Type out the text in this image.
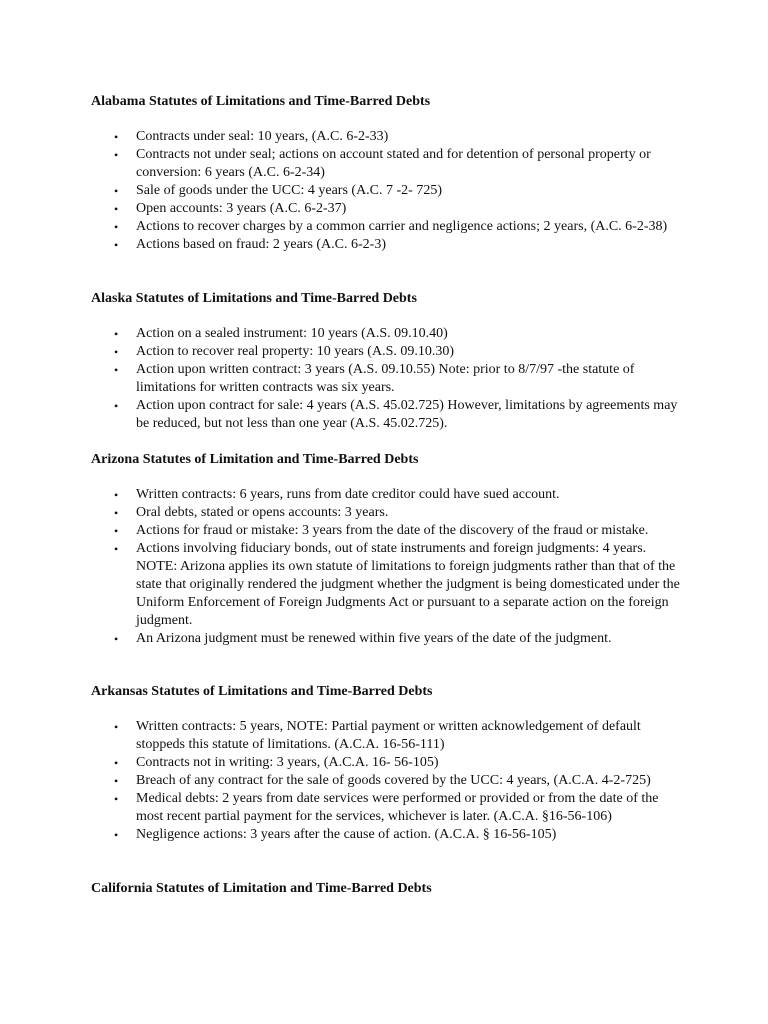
Alabama Statutes of Limitations and Time-Barred Debts

• Contracts under seal: 10 years, (A.C. 6-2-33)
• Contracts not under seal; actions on account stated and for detention of personal property or conversion: 6 years (A.C. 6-2-34)
• Sale of goods under the UCC: 4 years (A.C. 7 -2- 725)
• Open accounts: 3 years (A.C. 6-2-37)
• Actions to recover charges by a common carrier and negligence actions; 2 years, (A.C. 6-2-38)
• Actions based on fraud: 2 years (A.C. 6-2-3)

Alaska Statutes of Limitations and Time-Barred Debts

• Action on a sealed instrument: 10 years (A.S. 09.10.40)
• Action to recover real property: 10 years (A.S. 09.10.30)
• Action upon written contract: 3 years (A.S. 09.10.55) Note: prior to 8/7/97 -the statute of limitations for written contracts was six years.
• Action upon contract for sale: 4 years (A.S. 45.02.725) However, limitations by agreements may be reduced, but not less than one year (A.S. 45.02.725).

Arizona Statutes of Limitation and Time-Barred Debts

• Written contracts: 6 years, runs from date creditor could have sued account.
• Oral debts, stated or opens accounts: 3 years.
• Actions for fraud or mistake: 3 years from the date of the discovery of the fraud or mistake.
• Actions involving fiduciary bonds, out of state instruments and foreign judgments: 4 years. NOTE: Arizona applies its own statute of limitations to foreign judgments rather than that of the state that originally rendered the judgment whether the judgment is being domesticated under the Uniform Enforcement of Foreign Judgments Act or pursuant to a separate action on the foreign judgment.
• An Arizona judgment must be renewed within five years of the date of the judgment.

Arkansas Statutes of Limitations and Time-Barred Debts

• Written contracts: 5 years, NOTE: Partial payment or written acknowledgement of default stoppeds this statute of limitations. (A.C.A. 16-56-111)
• Contracts not in writing: 3 years, (A.C.A. 16- 56-105)
• Breach of any contract for the sale of goods covered by the UCC: 4 years, (A.C.A. 4-2-725)
• Medical debts: 2 years from date services were performed or provided or from the date of the most recent partial payment for the services, whichever is later. (A.C.A. §16-56-106)
• Negligence actions: 3 years after the cause of action. (A.C.A. § 16-56-105)

California Statutes of Limitation and Time-Barred Debts
